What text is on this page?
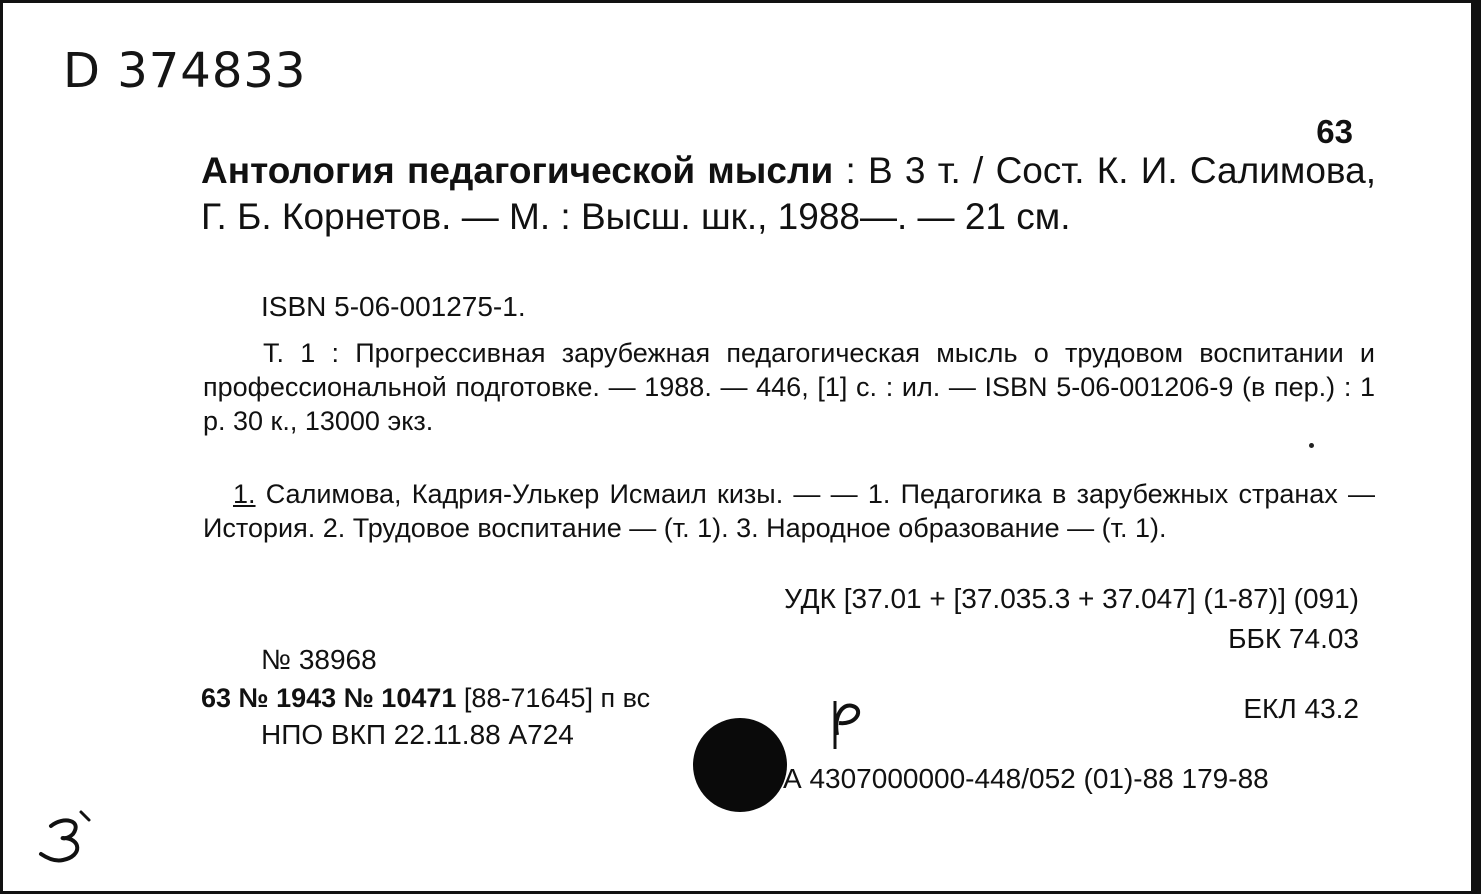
D 374833
63
Антология педагогической мысли : В 3 т. / Сост. К. И. Салимова, Г. Б. Корнетов. — М. : Высш. шк., 1988—. — 21 см.
ISBN 5-06-001275-1.
Т. 1 : Прогрессивная зарубежная педагогическая мысль о трудовом воспитании и профессиональной подготовке. — 1988. — 446, [1] с. : ил. — ISBN 5-06-001206-9 (в пер.) : 1 р. 30 к., 13000 экз.
1. Салимова, Кадрия-Улькер Исмаил кизы. — — 1. Педагогика в зарубежных странах — История. 2. Трудовое воспитание — (т. 1). 3. Народное образование — (т. 1).
УДК [37.01 + [37.035.3 + 37.047] (1-87)] (091)
ББК 74.03
№ 38968
63 № 1943 № 10471 [88-71645] п вс	ЕКЛ 43.2
НПО ВКП 22.11.88 А724
А 4307000000-448/052 (01)-88 179-88
